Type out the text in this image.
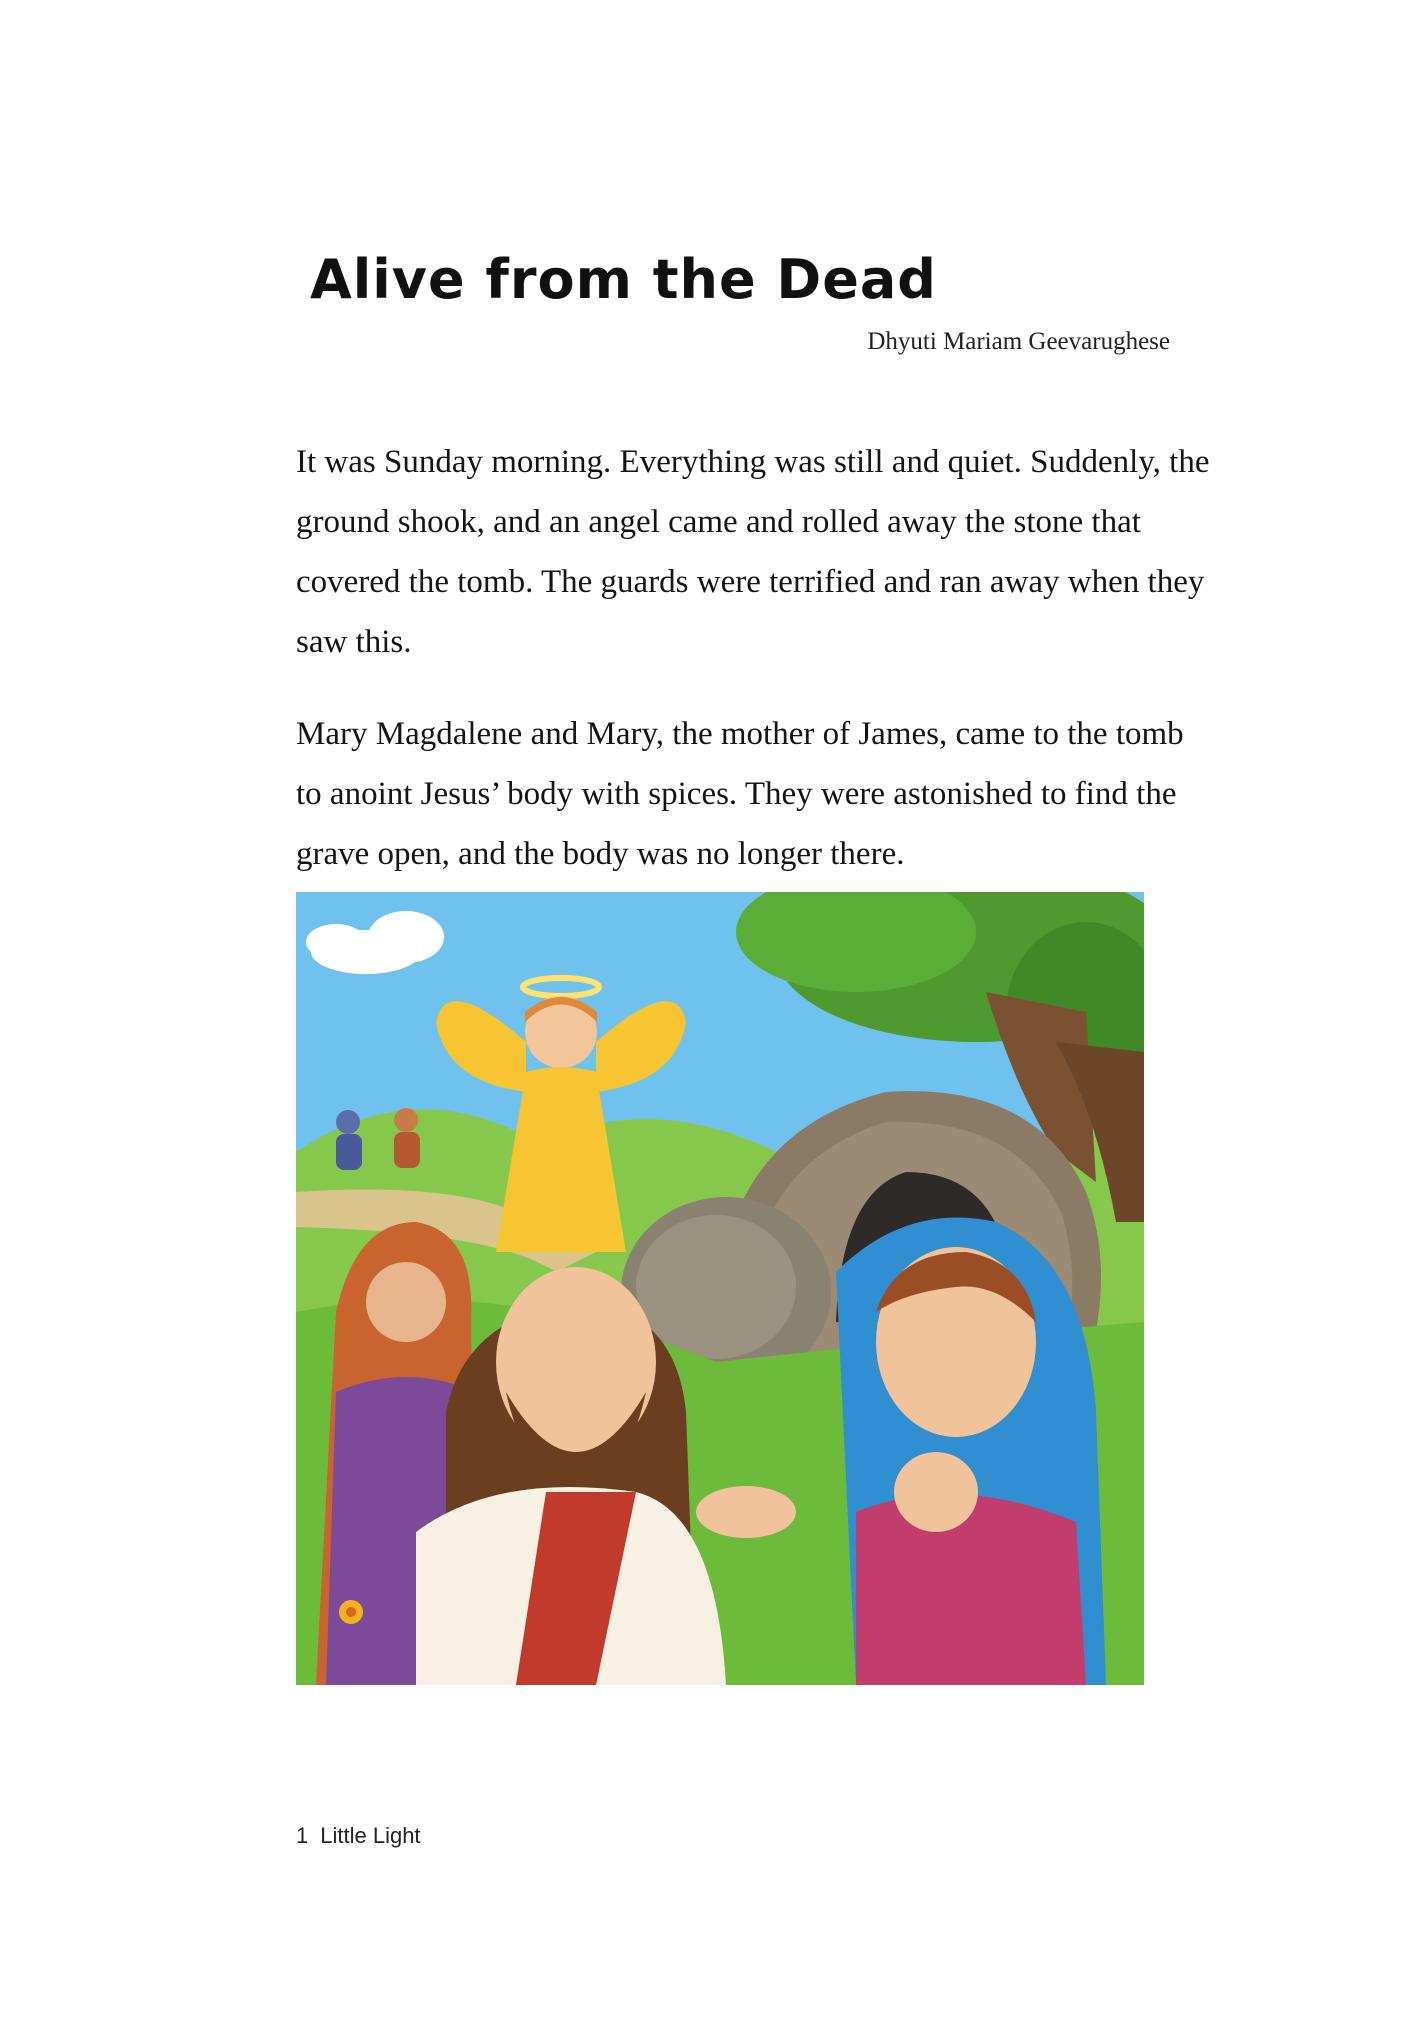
Alive from the Dead
Dhyuti Mariam Geevarughese

It was Sunday morning. Everything was still and quiet. Suddenly, the ground shook, and an angel came and rolled away the stone that covered the tomb. The guards were terrified and ran away when they saw this.

Mary Magdalene and Mary, the mother of James, came to the tomb to anoint Jesus’ body with spices. They were astonished to find the grave open, and the body was no longer there.

1 Little Light
